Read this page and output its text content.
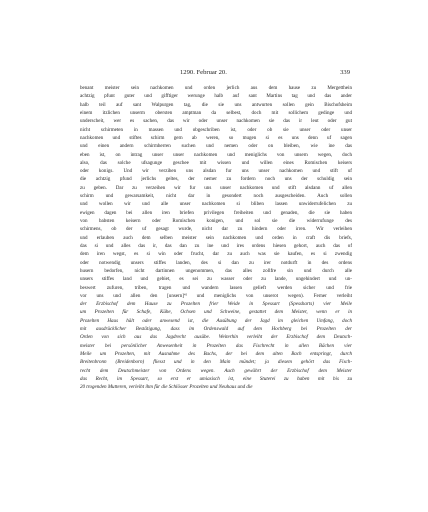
1290. Februar 20.	339
benant meister sein nachkomen und orden jerlich aus dem hause zu Mergetthein
achtzig pfunt guter und gifftiger werunge halb auf sant Martins tag und das ander
halb teil auf sant Walpurgen tag, die sie uns antwurten sollen gein Bischofsheim
einem itzlichen unserm obersten amptman da selbest, doch mit sollichem gedinge und
underscheit, wer es sachen, das wir oder unser nachkomen sie das ir leut oder gut
nicht schirmeten in massen und obgeschriben ist, oder ob sie unser oder unser
nachkomen und stiftes schirm gern ab weren, so mugen si es uns denn uf sagen
und einen andern schirmherren suchen und nemen oder on bleiben, wie ine das
eben ist, on intrag unser unser nachkomen und meniglichs von unsern wegen, doch
also, das solche ufsagunge geschee mit wissen und willen eines Romischen keisers
oder konigs. Und wir verzihen uns alsdan fur uns unser nachkomen und stift uf
die achtzig pfund jerlichs geltes, der nemer zu fordern noch uns der schuldig sein
zu geben. Dar zu verzeihen wir fur uns unser nachkomen und stift alsdann uf allen
schirm und gewarsamkeit, nicht dar in gesondert noch ausgescheiden. Auch sollen
und wollen wir und alle unser nachkomen si bliben lassen unwiderrufelichen zu
ewigen dagen bei allen iren briefen privilegen freiheiten und genaden, die sie haben
von babsten keisern oder Romischen konigen, und sol sie die widerrufunge des
schirmens, ob der uf gesagt wurde, nicht dar zu hindern oder irren. Wir verleihen
und erlauben auch dem selben meister sein nachkomen und orden in craft dis briefs,
das si und alles das ir, das dan zu ine und ires ordens hiesen gehort, auch das of
dem iren wegst, es si win oder frucht, dar zu auch was sie kaufen, es si zwendig
oder notwendig unsers stiffes landen, des si dan zu irer notdurft in des ordens
husern bedorfen, nicht dartinnen ungenommen, das alles zollfre sin und durch alle
unsers stiffes land und gebiet, es sei zu wasser oder zu lande, ungehindert und un-
beswert zufuren, triben, tragen und wandern lassen gelieft werden sicher und frie
vor uns und allen den [unsern]⁴⁾ und meniglichs von unserot wegen). Ferner verleiht
der Erzbischof dem Hause zu Prozelten frier Weide in Spessart (Spessharts) vier Meile
um Prozelten für Schafe, Kühe, Ochsen und Schweine, gestattet dem Meister, wenn er in
Prozelten Haus hält oder anwesend ist, die Ausübung der Jagd im gleichen Umfang, doch
mit ausdrücklicher Bestätigung, dass im Ordenswald auf dem Hochberg bei Prozelten der
Orden von sich aus das Jagdrecht ausübe. Weiterhin verleiht der Erzbischof dem Deutsch-
meister bei persönlicher Anwesenheit in Prozelten das Fischrecht in allen Bächen vier
Meile um Prozelten, mit Ausnahme des Bachs, der bei dem alten Bach entspringt, durch
Breitenbronn (Breidenborn) fliesst und in den Main mündet; ja diesem gehört das Fisch-
recht dem Deutschmeister von Ordens wegen. Auch gewährt der Erzbischof dem Meister
das Recht, im Spessart, so erst er umiasisch ist, eine Stuterei zu haben mit bis zu
20 trogenden Mutteren, verleiht ihm für die Schlösser Prozelten und Neuhaus und die
